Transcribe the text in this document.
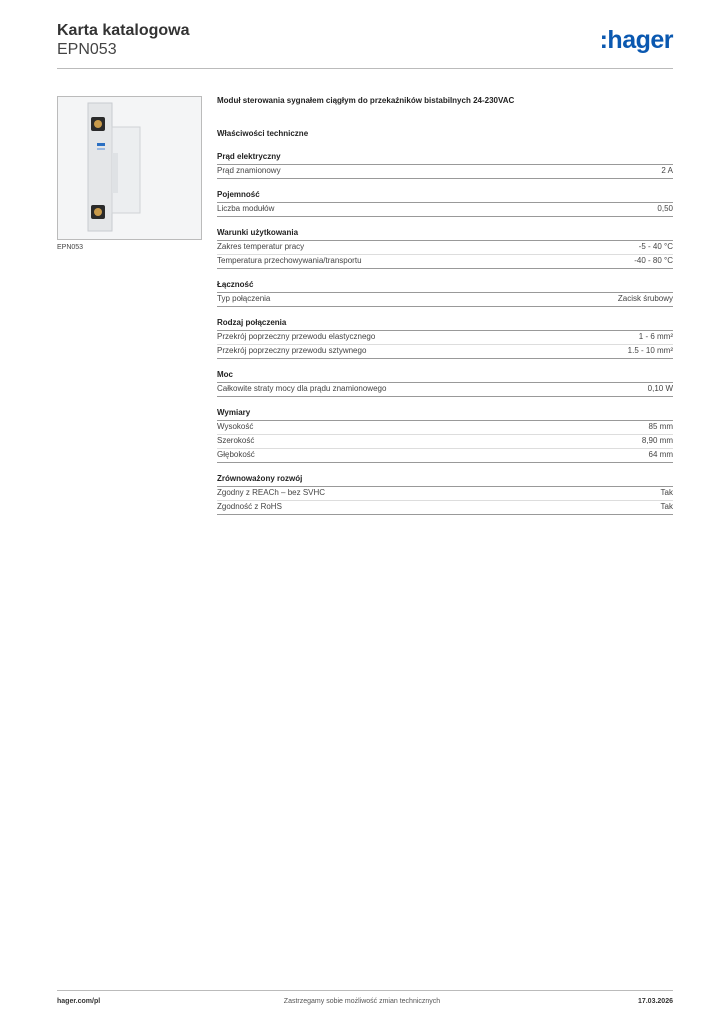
Karta katalogowa
EPN053	:hager
EPN053
Moduł sterowania sygnałem ciągłym do przekaźników bistabilnych 24-230VAC
Właściwości techniczne
Prąd elektryczny
Prąd znamionowy	2 A
Pojemność
Liczba modułów	0,50
Warunki użytkowania
Zakres temperatur pracy	-5 - 40 °C
Temperatura przechowywania/transportu	-40 - 80 °C
Łączność
Typ połączenia	Zacisk śrubowy
Rodzaj połączenia
Przekrój poprzeczny przewodu elastycznego	1 - 6 mm²
Przekrój poprzeczny przewodu sztywnego	1.5 - 10 mm²
Moc
Całkowite straty mocy dla prądu znamionowego	0,10 W
Wymiary
Wysokość	85 mm
Szerokość	8,90 mm
Głębokość	64 mm
Zrównoważony rozwój
Zgodny z REACh – bez SVHC	Tak
Zgodność z RoHS	Tak
hager.com/pl	Zastrzegamy sobie możliwość zmian technicznych	17.03.2026
